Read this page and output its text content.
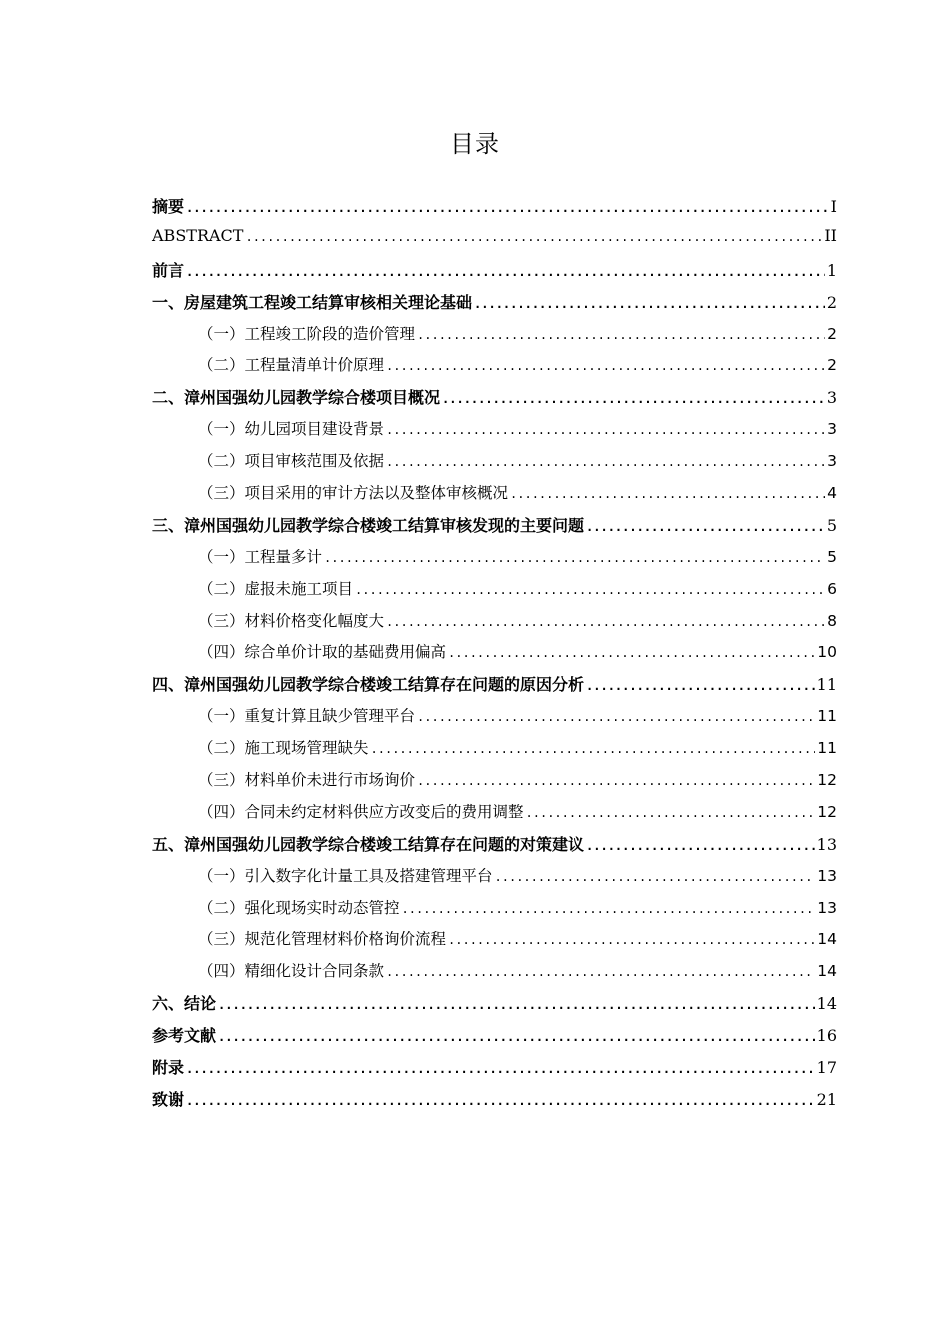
目录
摘要 .....	I
ABSTRACT .....	II
前言 .....	1
一、 房屋建筑工程竣工结算审核相关理论基础 .....	2
（一） 工程竣工阶段的造价管理 .....	2
（二） 工程量清单计价原理 .....	2
二、 漳州国强幼儿园教学综合楼项目概况 .....	3
（一） 幼儿园项目建设背景 .....	3
（二） 项目审核范围及依据 .....	3
（三） 项目采用的审计方法以及整体审核概况 .....	4
三、 漳州国强幼儿园教学综合楼竣工结算审核发现的主要问题 .....	5
（一） 工程量多计 .....	5
（二） 虚报未施工项目 .....	6
（三） 材料价格变化幅度大 .....	8
（四） 综合单价计取的基础费用偏高 .....	10
四、 漳州国强幼儿园教学综合楼竣工结算存在问题的原因分析 .....	11
（一） 重复计算且缺少管理平台 .....	11
（二） 施工现场管理缺失 .....	11
（三） 材料单价未进行市场询价 .....	12
（四） 合同未约定材料供应方改变后的费用调整 .....	12
五、 漳州国强幼儿园教学综合楼竣工结算存在问题的对策建议 .....	13
（一） 引入数字化计量工具及搭建管理平台 .....	13
（二） 强化现场实时动态管控 .....	13
（三） 规范化管理材料价格询价流程 .....	14
（四） 精细化设计合同条款 .....	14
六、 结论 .....	14
参考文献 .....	16
附录 .....	17
致谢 .....	21
